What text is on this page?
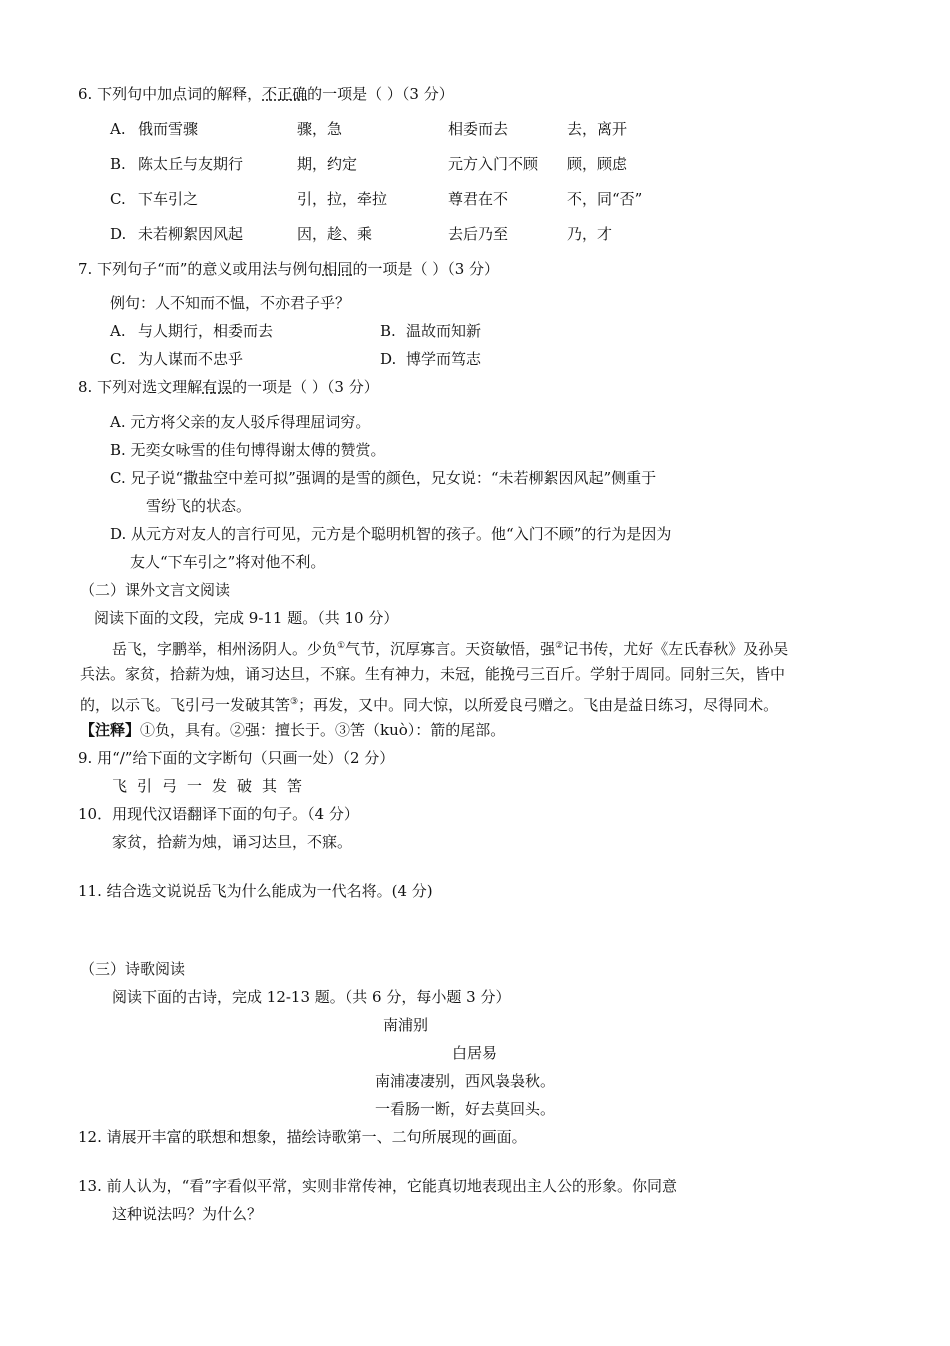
6. 下列句中加点词的解释，不正确的一项是（ ）（3 分）
A. 俄而雪骤	骤，急	相委而去	去，离开
B. 陈太丘与友期行	期，约定	元方入门不顾 顾，顾虑
C. 下车引之	引，拉，牵拉	尊君在不	不，同“否”
D. 未若柳絮因风起	因，趁、乘	去后乃至	乃，才
7. 下列句子“而”的意义或用法与例句相同的一项是（ ）（3 分）
例句：人不知而不愠，不亦君子乎？
A. 与人期行，相委而去	B. 温故而知新
C. 为人谋而不忠乎	D. 博学而笃志
8. 下列对选文理解有误的一项是（ ）（3 分）
A. 元方将父亲的友人驳斥得理屈词穷。
B. 无奕女咏雪的佳句博得谢太傅的赞赏。
C. 兄子说“撒盐空中差可拟”强调的是雪的颜色，兄女说：“未若柳絮因风起”侧重于
雪纷飞的状态。
D. 从元方对友人的言行可见，元方是个聪明机智的孩子。他“入门不顾”的行为是因为
友人“下车引之”将对他不利。
（二）课外文言文阅读
阅读下面的文段，完成 9-11 题。（共 10 分）
岳飞，字鹏举，相州汤阴人。少负①气节，沉厚寡言。天资敏悟，强②记书传，尤好《左氏春秋》及孙吴
兵法。家贫，拾薪为烛，诵习达旦，不寐。生有神力，未冠，能挽弓三百斤。学射于周同。同射三矢，皆中
的，以示飞。飞引弓一发破其筈③；再发，又中。同大惊，以所爱良弓赠之。飞由是益日练习，尽得同术。
【注释】①负，具有。②强：擅长于。③筈（kuò）：箭的尾部。
9. 用“/”给下面的文字断句（只画一处）（2 分）
飞引弓一发破其筈
10．用现代汉语翻译下面的句子。（4 分）
家贫，拾薪为烛，诵习达旦，不寐。
11. 结合选文说说岳飞为什么能成为一代名将。(4 分)
（三）诗歌阅读
阅读下面的古诗，完成 12-13 题。（共 6 分，每小题 3 分）
南浦别
白居易
南浦凄凄别，西风袅袅秋。
一看肠一断，好去莫回头。
12. 请展开丰富的联想和想象，描绘诗歌第一、二句所展现的画面。
13. 前人认为，“看”字看似平常，实则非常传神，它能真切地表现出主人公的形象。你同意
这种说法吗？为什么？
